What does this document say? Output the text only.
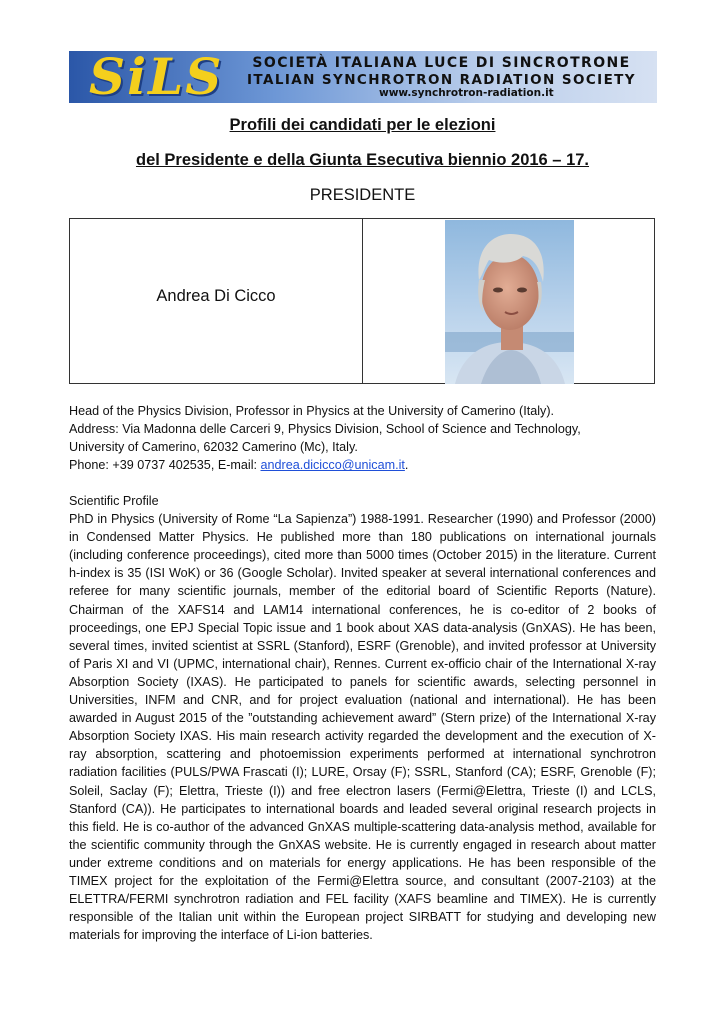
SiLS	SOCIETÀ ITALIANA LUCE DI SINCROTRONE
ITALIAN SYNCHROTRON RADIATION SOCIETY
www.synchrotron-radiation.it
Profili dei candidati per le elezioni
del Presidente e della Giunta Esecutiva biennio 2016 – 17.
PRESIDENTE
Andrea Di Cicco

Head of the Physics Division, Professor in Physics at the University of Camerino (Italy).

Address: Via Madonna delle Carceri 9, Physics Division, School of Science and Technology,

University of Camerino, 62032 Camerino (Mc), Italy.

Phone: +39 0737 402535, E-mail: andrea.dicicco@unicam.it.

Scientific Profile

PhD in Physics (University of Rome “La Sapienza”) 1988-1991. Researcher (1990) and Professor (2000) in Condensed Matter Physics. He published more than 180 publications on international journals (including conference proceedings), cited more than 5000 times (October 2015) in the literature. Current h-index is 35 (ISI WoK) or 36 (Google Scholar). Invited speaker at several international conferences and referee for many scientific journals, member of the editorial board of Scientific Reports (Nature). Chairman of the XAFS14 and LAM14 international conferences, he is co-editor of 2 books of proceedings, one EPJ Special Topic issue and 1 book about XAS data-analysis (GnXAS). He has been, several times, invited scientist at SSRL (Stanford), ESRF (Grenoble), and invited professor at University of Paris XI and VI (UPMC, international chair), Rennes. Current ex-officio chair of the International X-ray Absorption Society (IXAS). He participated to panels for scientific awards, selecting personnel in Universities, INFM and CNR, and for project evaluation (national and international). He has been awarded in August 2015 of the ”outstanding achievement award” (Stern prize) of the International X-ray Absorption Society IXAS. His main research activity regarded the development and the execution of X- ray absorption, scattering and photoemission experiments performed at international synchrotron radiation facilities (PULS/PWA Frascati (I); LURE, Orsay (F); SSRL, Stanford (CA); ESRF, Grenoble (F); Soleil, Saclay (F); Elettra, Trieste (I)) and free electron lasers (Fermi@Elettra, Trieste (I) and LCLS, Stanford (CA)). He participates to international boards and leaded several original research projects in this field. He is co-author of the advanced GnXAS multiple-scattering data-analysis method, available for the scientific community through the GnXAS website. He is currently engaged in research about matter under extreme conditions and on materials for energy applications. He has been responsible of the TIMEX project for the exploitation of the Fermi@Elettra source, and consultant (2007-2103) at the ELETTRA/FERMI synchrotron radiation and FEL facility (XAFS beamline and TIMEX). He is currently responsible of the Italian unit within the European project SIRBATT for studying and developing new materials for improving the interface of Li-ion batteries.
